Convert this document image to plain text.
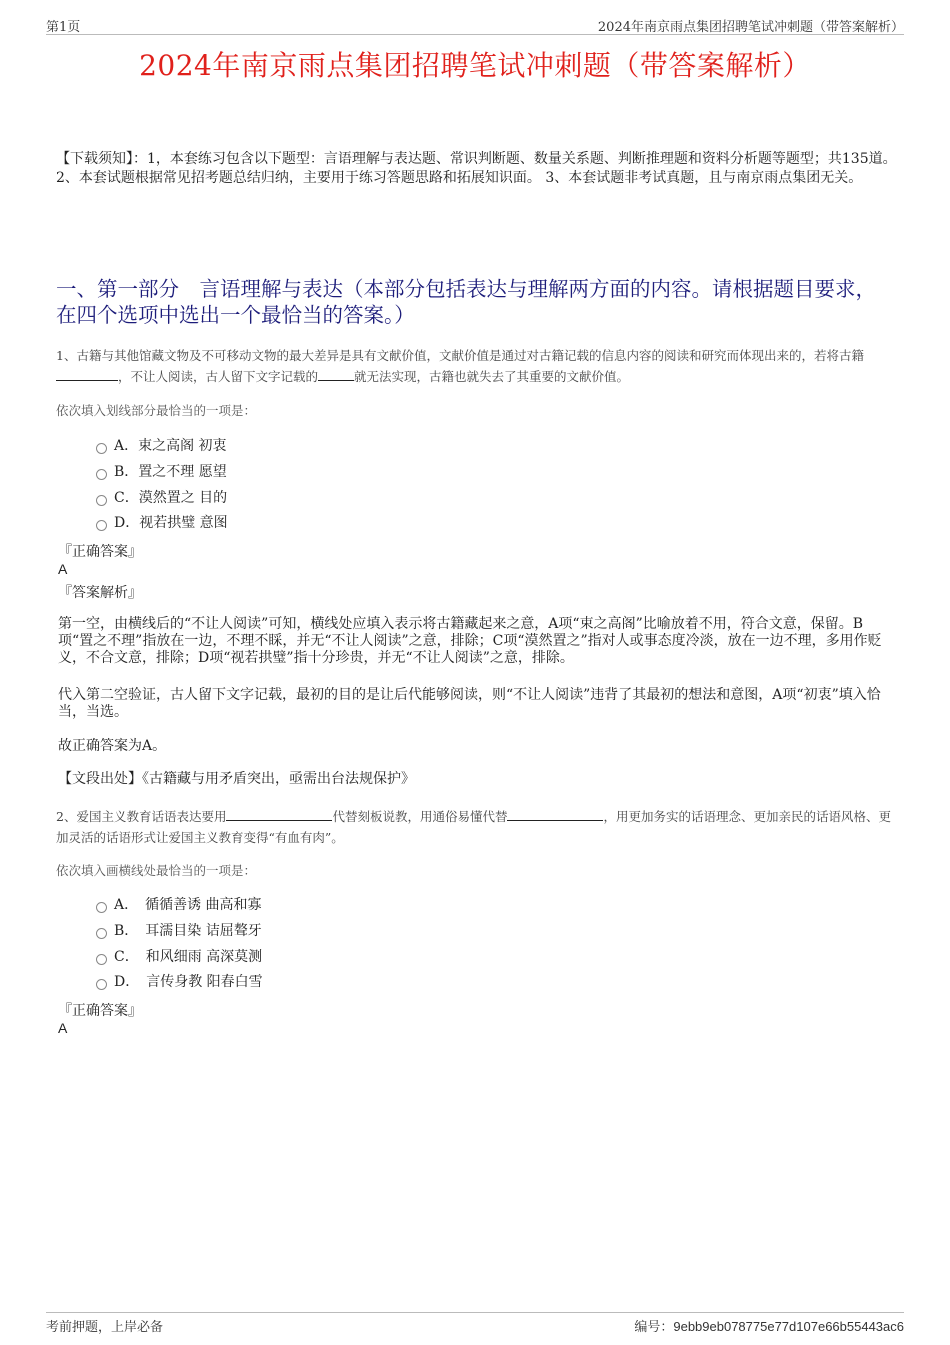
第1页	2024年南京雨点集团招聘笔试冲刺题（带答案解析）
2024年南京雨点集团招聘笔试冲刺题（带答案解析）
【下载须知】：1，本套练习包含以下题型：言语理解与表达题、常识判断题、数量关系题、判断推理题和资料分析题等题型；共135道。 2、本套试题根据常见招考题总结归纳，主要用于练习答题思路和拓展知识面。 3、本套试题非考试真题，且与南京雨点集团无关。
一、第一部分　言语理解与表达（本部分包括表达与理解两方面的内容。请根据题目要求，在四个选项中选出一个最恰当的答案。）
1、古籍与其他馆藏文物及不可移动文物的最大差异是具有文献价值，文献价值是通过对古籍记载的信息内容的阅读和研究而体现出来的，若将古籍，不让人阅读，古人留下文字记载的	就无法实现，古籍也就失去了其重要的文献价值。
依次填入划线部分最恰当的一项是：
A．束之高阁 初衷
B．置之不理 愿望
C．漠然置之 目的
D．视若拱璧 意图
『正确答案』
A
『答案解析』
第一空，由横线后的“不让人阅读”可知，横线处应填入表示将古籍藏起来之意，A项“束之高阁”比喻放着不用，符合文意，保留。B项“置之不理”指放在一边，不理不睬，并无“不让人阅读”之意，排除；C项“漠然置之”指对人或事态度冷淡，放在一边不理，多用作贬义，不合文意，排除；D项“视若拱璧”指十分珍贵，并无“不让人阅读”之意，排除。
代入第二空验证，古人留下文字记载，最初的目的是让后代能够阅读，则“不让人阅读”违背了其最初的想法和意图，A项“初衷”填入恰当，当选。
故正确答案为A。
【文段出处】《古籍藏与用矛盾突出，亟需出台法规保护》
2、爱国主义教育话语表达要用	代替刻板说教，用通俗易懂代替	，用更加务实的话语理念、更加亲民的话语风格、更加灵活的话语形式让爱国主义教育变得“有血有肉”。
依次填入画横线处最恰当的一项是：
A．　循循善诱 曲高和寡
B．　耳濡目染 诘屈聱牙
C．　和风细雨 高深莫测
D．　言传身教 阳春白雪
『正确答案』
A
考前押题，上岸必备	编号：9ebb9eb078775e77d107e66b55443ac6
